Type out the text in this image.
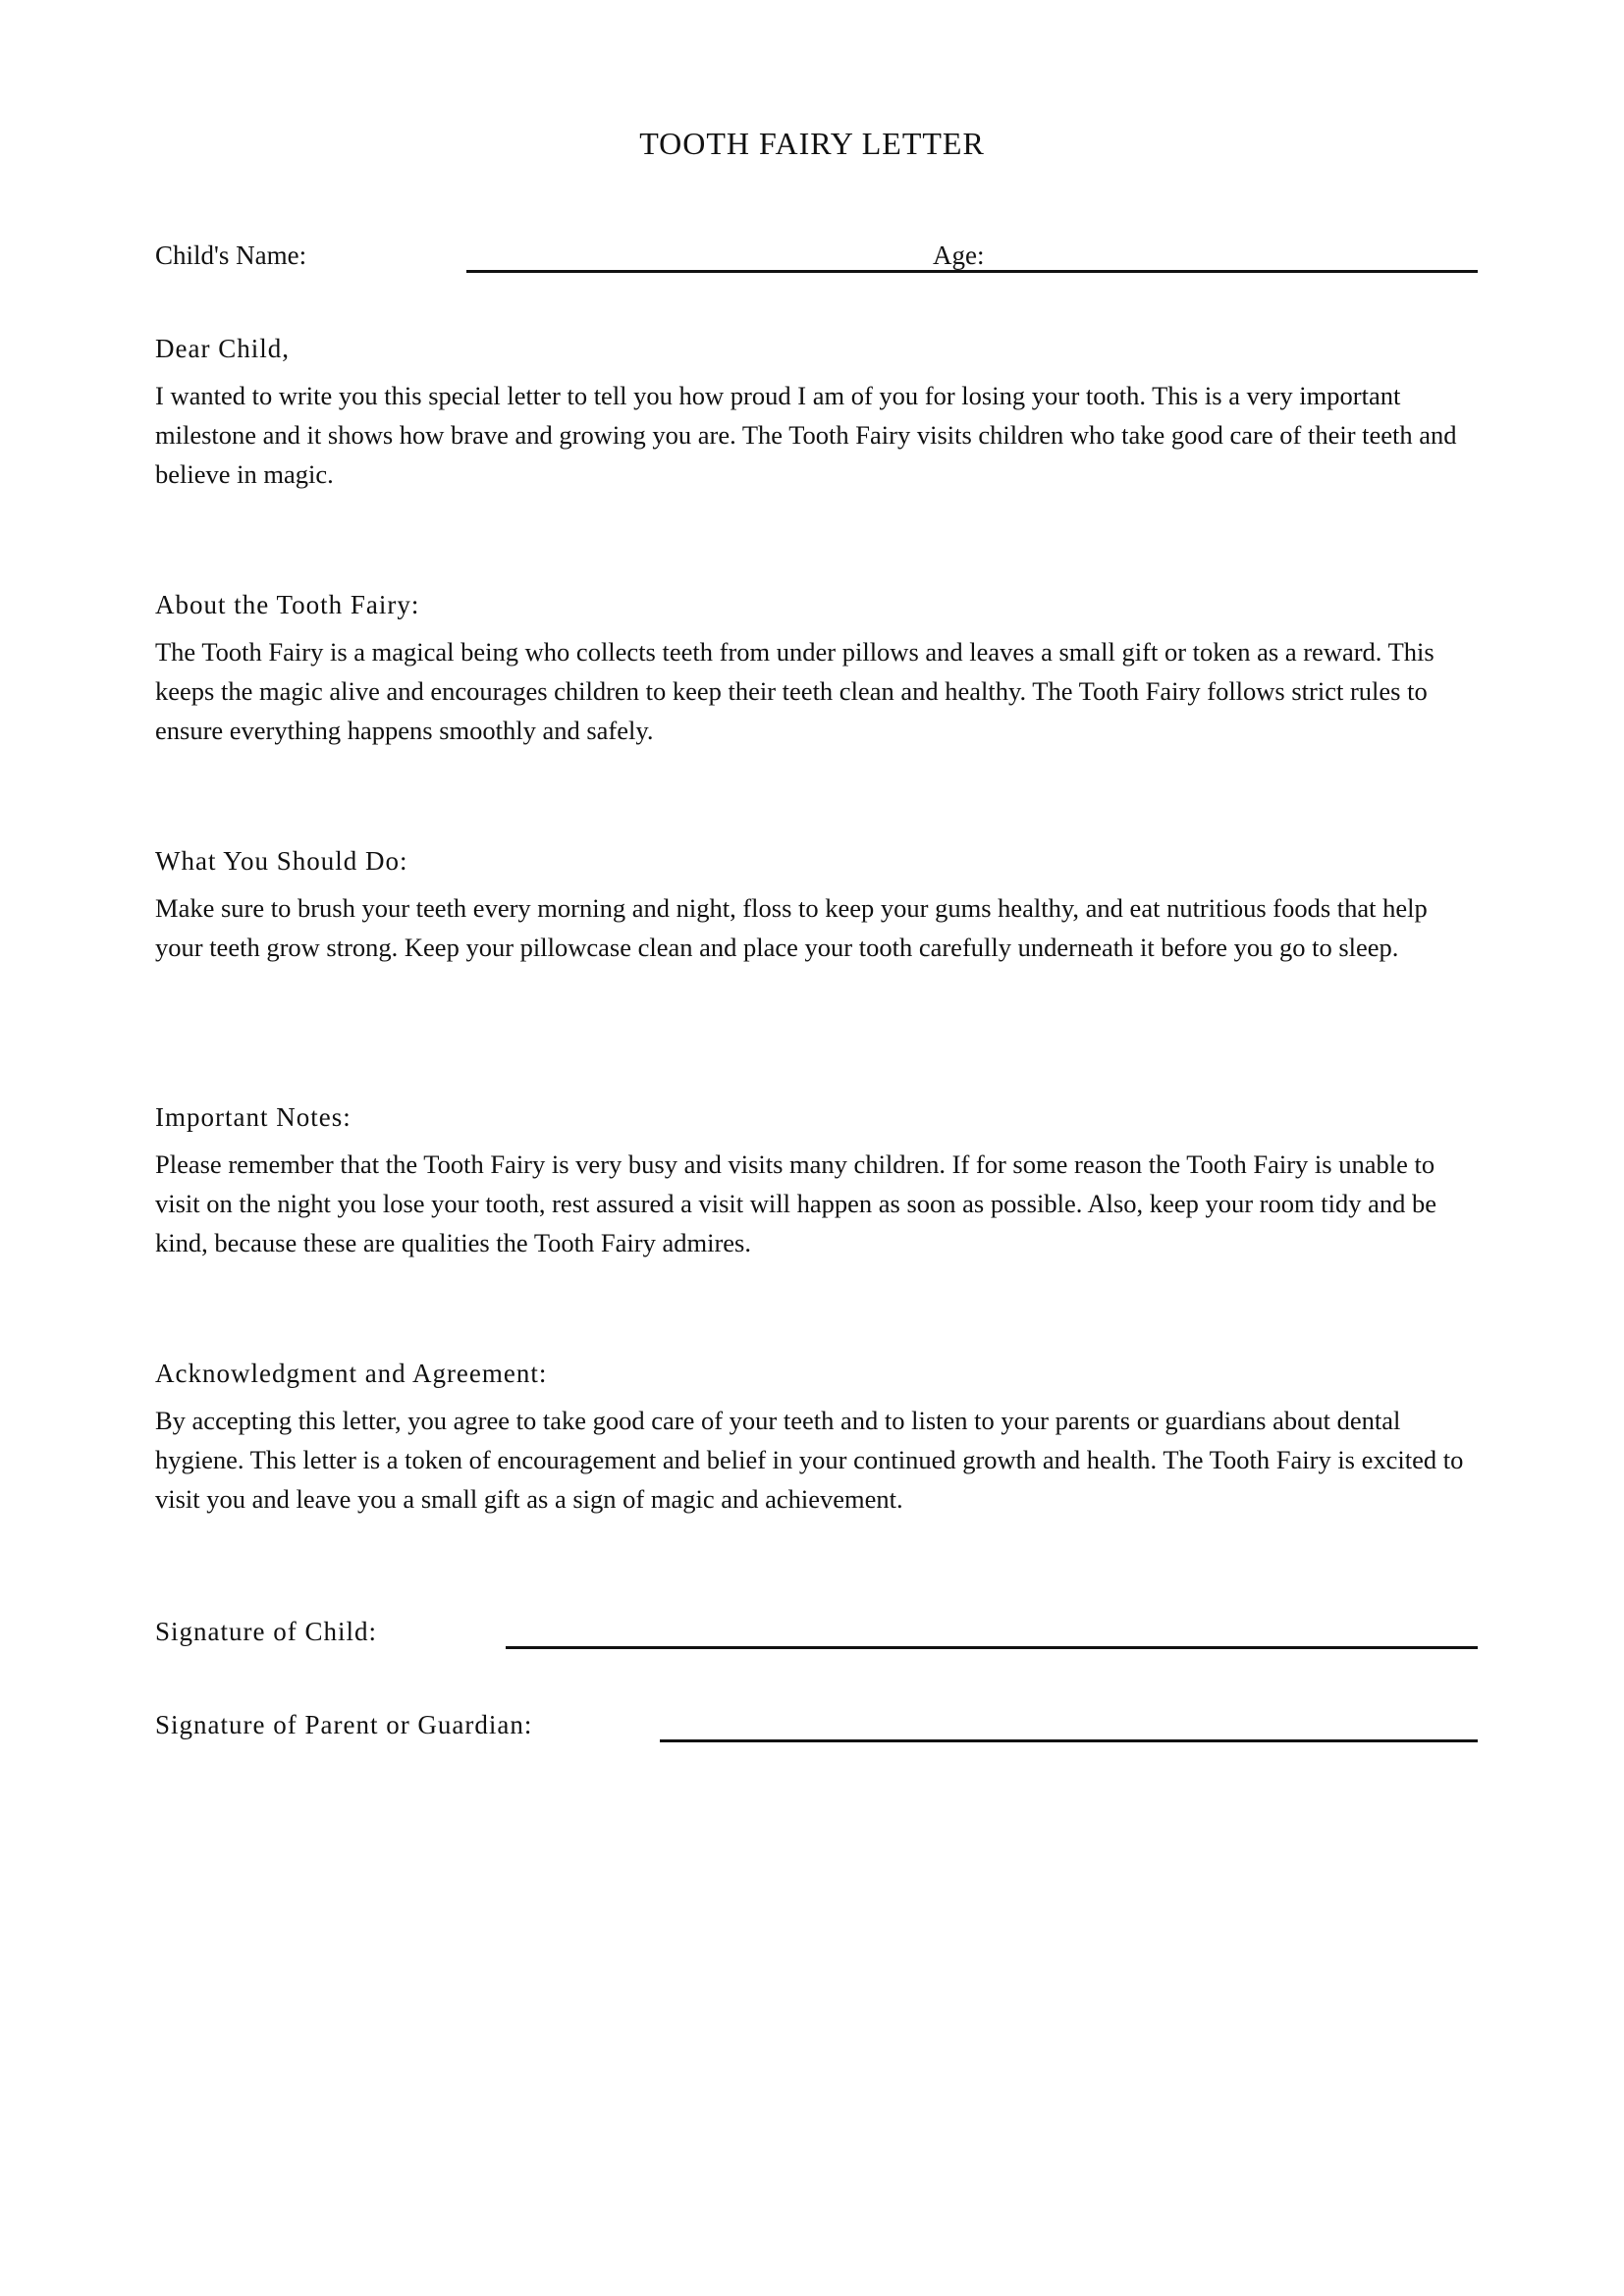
TOOTH FAIRY LETTER
Child's Name:	Age:
Dear Child,
I wanted to write you this special letter to tell you how proud I am of you for losing your tooth. This is a very important milestone and it shows how brave and growing you are. The Tooth Fairy visits children who take good care of their teeth and believe in magic.
About the Tooth Fairy:
The Tooth Fairy is a magical being who collects teeth from under pillows and leaves a small gift or token as a reward. This keeps the magic alive and encourages children to keep their teeth clean and healthy. The Tooth Fairy follows strict rules to ensure everything happens smoothly and safely.
What You Should Do:
Make sure to brush your teeth every morning and night, floss to keep your gums healthy, and eat nutritious foods that help your teeth grow strong. Keep your pillowcase clean and place your tooth carefully underneath it before you go to sleep.
Important Notes:
Please remember that the Tooth Fairy is very busy and visits many children. If for some reason the Tooth Fairy is unable to visit on the night you lose your tooth, rest assured a visit will happen as soon as possible. Also, keep your room tidy and be kind, because these are qualities the Tooth Fairy admires.
Acknowledgment and Agreement:
By accepting this letter, you agree to take good care of your teeth and to listen to your parents or guardians about dental hygiene. This letter is a token of encouragement and belief in your continued growth and health. The Tooth Fairy is excited to visit you and leave you a small gift as a sign of magic and achievement.
Signature of Child:
Signature of Parent or Guardian:
